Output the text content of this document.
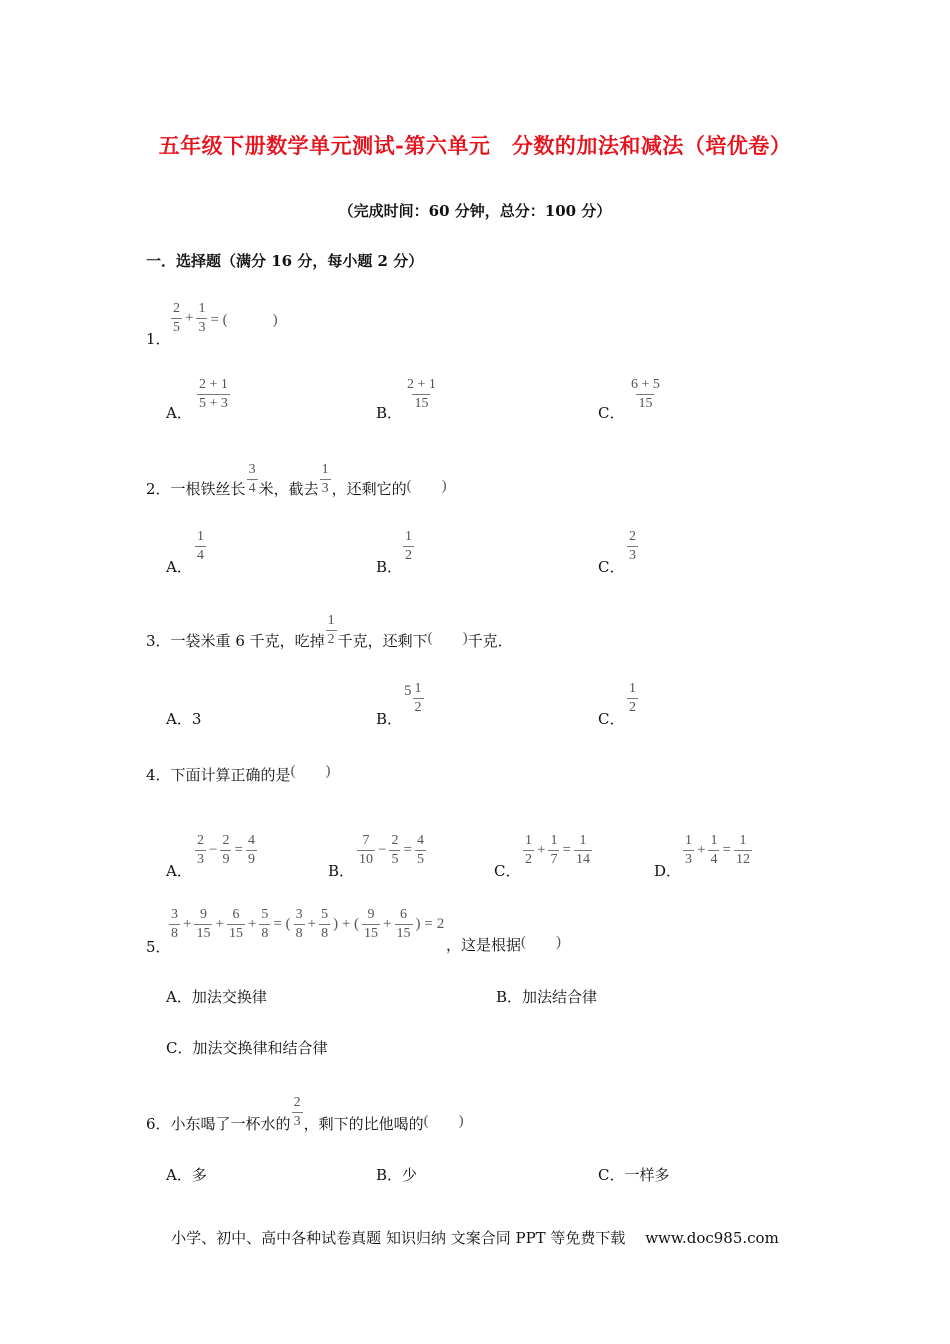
五年级下册数学单元测试-第六单元　分数的加法和减法（培优卷）
（完成时间：60 分钟，总分：100 分）
一．选择题（满分 16 分，每小题 2 分）
1．
$\frac{2}{5} + \frac{1}{3}$ = (　　　)
A． $\frac{2 + 1}{5 + 3}$	B． $\frac{2 + 1}{15}$	C． $\frac{6 + 5}{15}$
2． 一根铁丝长 $\frac{3}{4}$ 米，截去 $\frac{1}{3}$ ，还剩它的 (　　)
A．
$\frac{1}{4}$
B．
$\frac{1}{2}$
C．
$\frac{2}{3}$
3． 一袋米重 6 千克，吃掉 $\frac{1}{2}$ 千克，还剩下 (　　) 千克．
A．3	B．
$5 \frac{1}{2}$
C．
$\frac{1}{2}$
4． 下面计算正确的是 (　　)
A．
$\frac{2}{3} - \frac{2}{9} = \frac{4}{9}$
B．
$\frac{7}{10} - \frac{2}{5} = \frac{4}{5}$
C．
$\frac{1}{2} + \frac{1}{7} = \frac{1}{14}$
D．
$\frac{1}{3} + \frac{1}{4} = \frac{1}{12}$
5．
$\frac{3}{8} + \frac{9}{15} + \frac{6}{15} + \frac{5}{8}$ = ( $\frac{3}{8} + \frac{5}{8}$ ) + ( $\frac{9}{15} + \frac{6}{15}$ ) = 2
，这是根据 (　　)
A．加法交换律	B．加法结合律
C．加法交换律和结合律
6． 小东喝了一杯水的 $\frac{2}{3}$ ，剩下的比他喝的 (　　)
A．多	B．少	C．一样多
小学、初中、高中各种试卷真题 知识归纳 文案合同 PPT 等免费下载　 www.doc985.com
